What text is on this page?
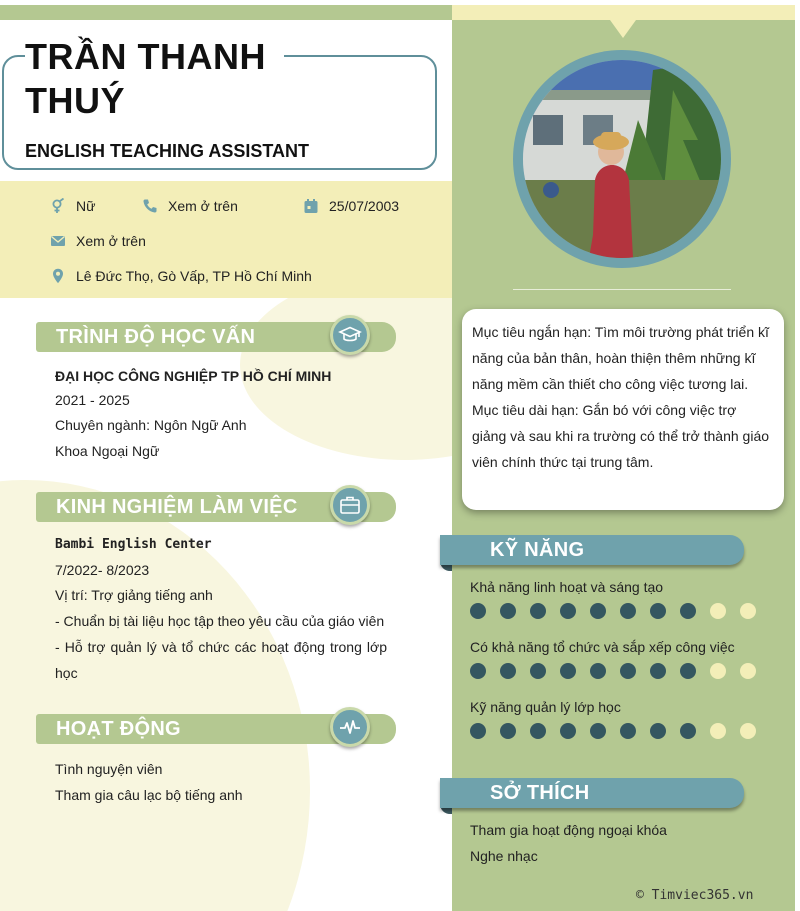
TRẦN THANH
THUÝ
ENGLISH TEACHING ASSISTANT
Nữ	Xem ở trên	25/07/2003
Xem ở trên
Lê Đức Thọ, Gò Vấp, TP Hồ Chí Minh
TRÌNH ĐỘ HỌC VẤN
ĐẠI HỌC CÔNG NGHIỆP TP HỒ CHÍ MINH
2021 - 2025
Chuyên ngành: Ngôn Ngữ Anh
Khoa Ngoại Ngữ
KINH NGHIỆM LÀM VIỆC
Bambi English Center
7/2022- 8/2023
Vị trí: Trợ giảng tiếng anh
- Chuẩn bị tài liệu học tập theo yêu cầu của giáo viên
- Hỗ trợ quản lý và tổ chức các hoạt động trong lớp học
HOẠT ĐỘNG
Tình nguyện viên
Tham gia câu lạc bộ tiếng anh

Mục tiêu ngắn hạn: Tìm môi trường phát triển kĩ năng của bản thân, hoàn thiện thêm những kĩ năng mềm cần thiết cho công việc tương lai.

Mục tiêu dài hạn: Gắn bó với công việc trợ giảng và sau khi ra trường có thể trở thành giáo viên chính thức tại trung tâm.

KỸ NĂNG
Khả năng linh hoạt và sáng tạo
Có khả năng tổ chức và sắp xếp công việc
Kỹ năng quản lý lớp học
SỞ THÍCH
Tham gia hoạt động ngoại khóa
Nghe nhạc
© Timviec365.vn
